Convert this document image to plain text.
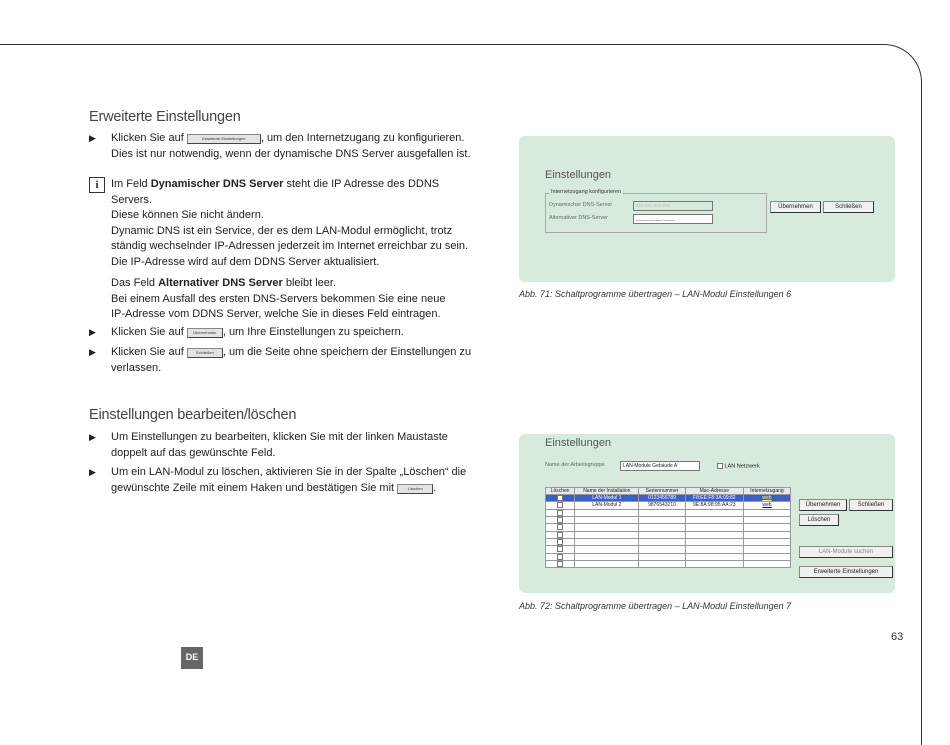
Erweiterte Einstellungen
▶ Klicken Sie auf	Erweiterte Einstellungen , um den Internetzugang zu konfigurieren.
Dies ist nur notwendig, wenn der dynamische DNS Server ausgefallen ist.
i	Im Feld Dynamischer DNS Server steht die IP Adresse des DDNS Servers.
Diese können Sie nicht ändern.
Dynamic DNS ist ein Service, der es dem LAN-Modul ermöglicht, trotz
ständig wechselnder IP-Adressen jederzeit im Internet erreichbar zu sein.
Die IP-Adresse wird auf dem DDNS Server aktualisiert.
Das Feld Alternativer DNS Server bleibt leer.
Bei einem Ausfall des ersten DNS-Servers bekommen Sie eine neue
IP-Adresse vom DDNS Server, welche Sie in dieses Feld eintragen.
▶ Klicken Sie auf Übernehmen , um Ihre Einstellungen zu speichern.
▶ Klicken Sie auf Schließen , um die Seite ohne speichern der Einstellungen zu
verlassen.
Einstellungen bearbeiten/löschen
▶ Um Einstellungen zu bearbeiten, klicken Sie mit der linken Maustaste
doppelt auf das gewünschte Feld.
▶ Um ein LAN-Modul zu löschen, aktivieren Sie in der Spalte „Löschen“ die
gewünschte Zeile mit einem Haken und bestätigen Sie mit	Löschen .
Einstellungen
Internetzugang konfigurieren
Dynamischer DNS-Server	xxx.xxx.xxx.xxx
Alternativer DNS-Server	_____.____.____
Übernehmen	Schließen
Abb. 71: Schaltprogramme übertragen – LAN-Modul Einstellungen 6
Einstellungen
Name der Arbeitsgruppe	LAN-Module Gebäude A	LAN Netzwerk
Löschen	Name der Installation	Seriennummer	Mac-Adresse	Internetzugang
	LAN-Modul 1	0123456789	F8:EE:F8:3A:09:82	web
	LAN-Modul 2	9876543210	9E:8A:98:95:AA:23	web

					Übernehmen	Schließen
Löschen
LAN-Module suchen
Erweiterte Einstellungen
Abb. 72: Schaltprogramme übertragen – LAN-Modul Einstellungen 7
63
DE
